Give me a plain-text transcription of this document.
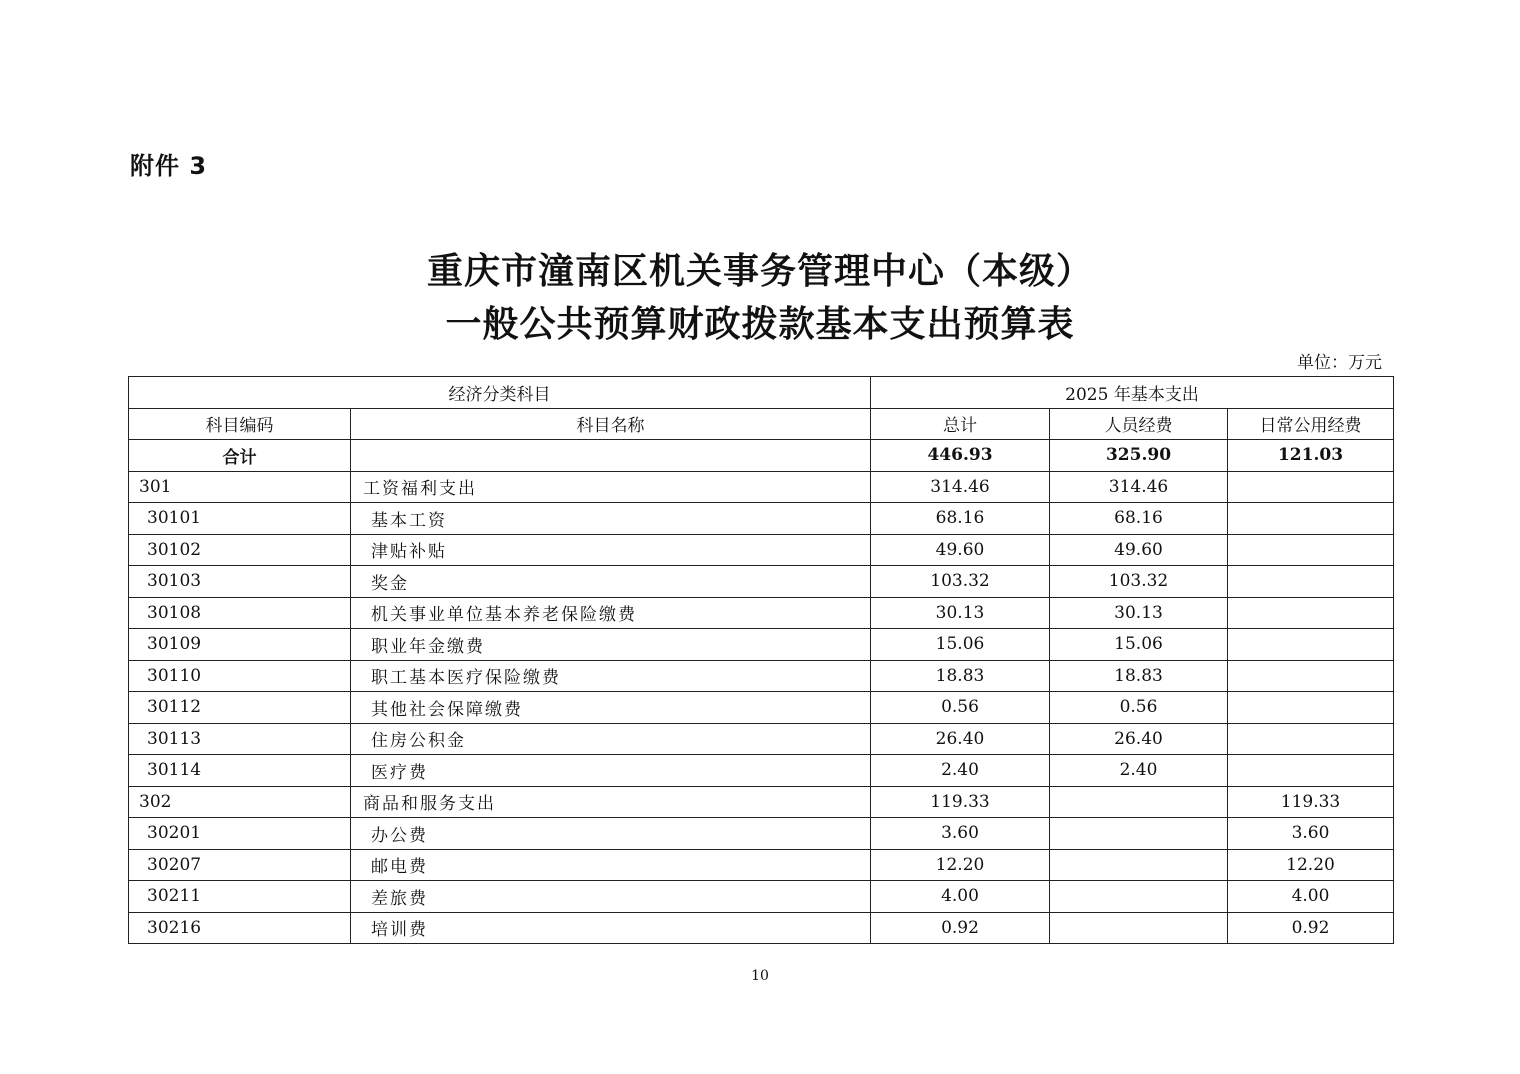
附件 3
重庆市潼南区机关事务管理中心（本级）
一般公共预算财政拨款基本支出预算表
单位：万元
经济分类科目		2025 年基本支出		
科目编码	科目名称	总计	人员经费	日常公用经费
合计		446.93	325.90	121.03
301	工资福利支出	314.46	314.46	
30101	基本工资	68.16	68.16	
30102	津贴补贴	49.60	49.60	
30103	奖金	103.32	103.32	
30108	机关事业单位基本养老保险缴费	30.13	30.13	
30109	职业年金缴费	15.06	15.06	
30110	职工基本医疗保险缴费	18.83	18.83	
30112	其他社会保障缴费	0.56	0.56	
30113	住房公积金	26.40	26.40	
30114	医疗费	2.40	2.40	
302	商品和服务支出	119.33		119.33
30201	办公费	3.60		3.60
30207	邮电费	12.20		12.20
30211	差旅费	4.00		4.00
30216	培训费	0.92		0.92
10
